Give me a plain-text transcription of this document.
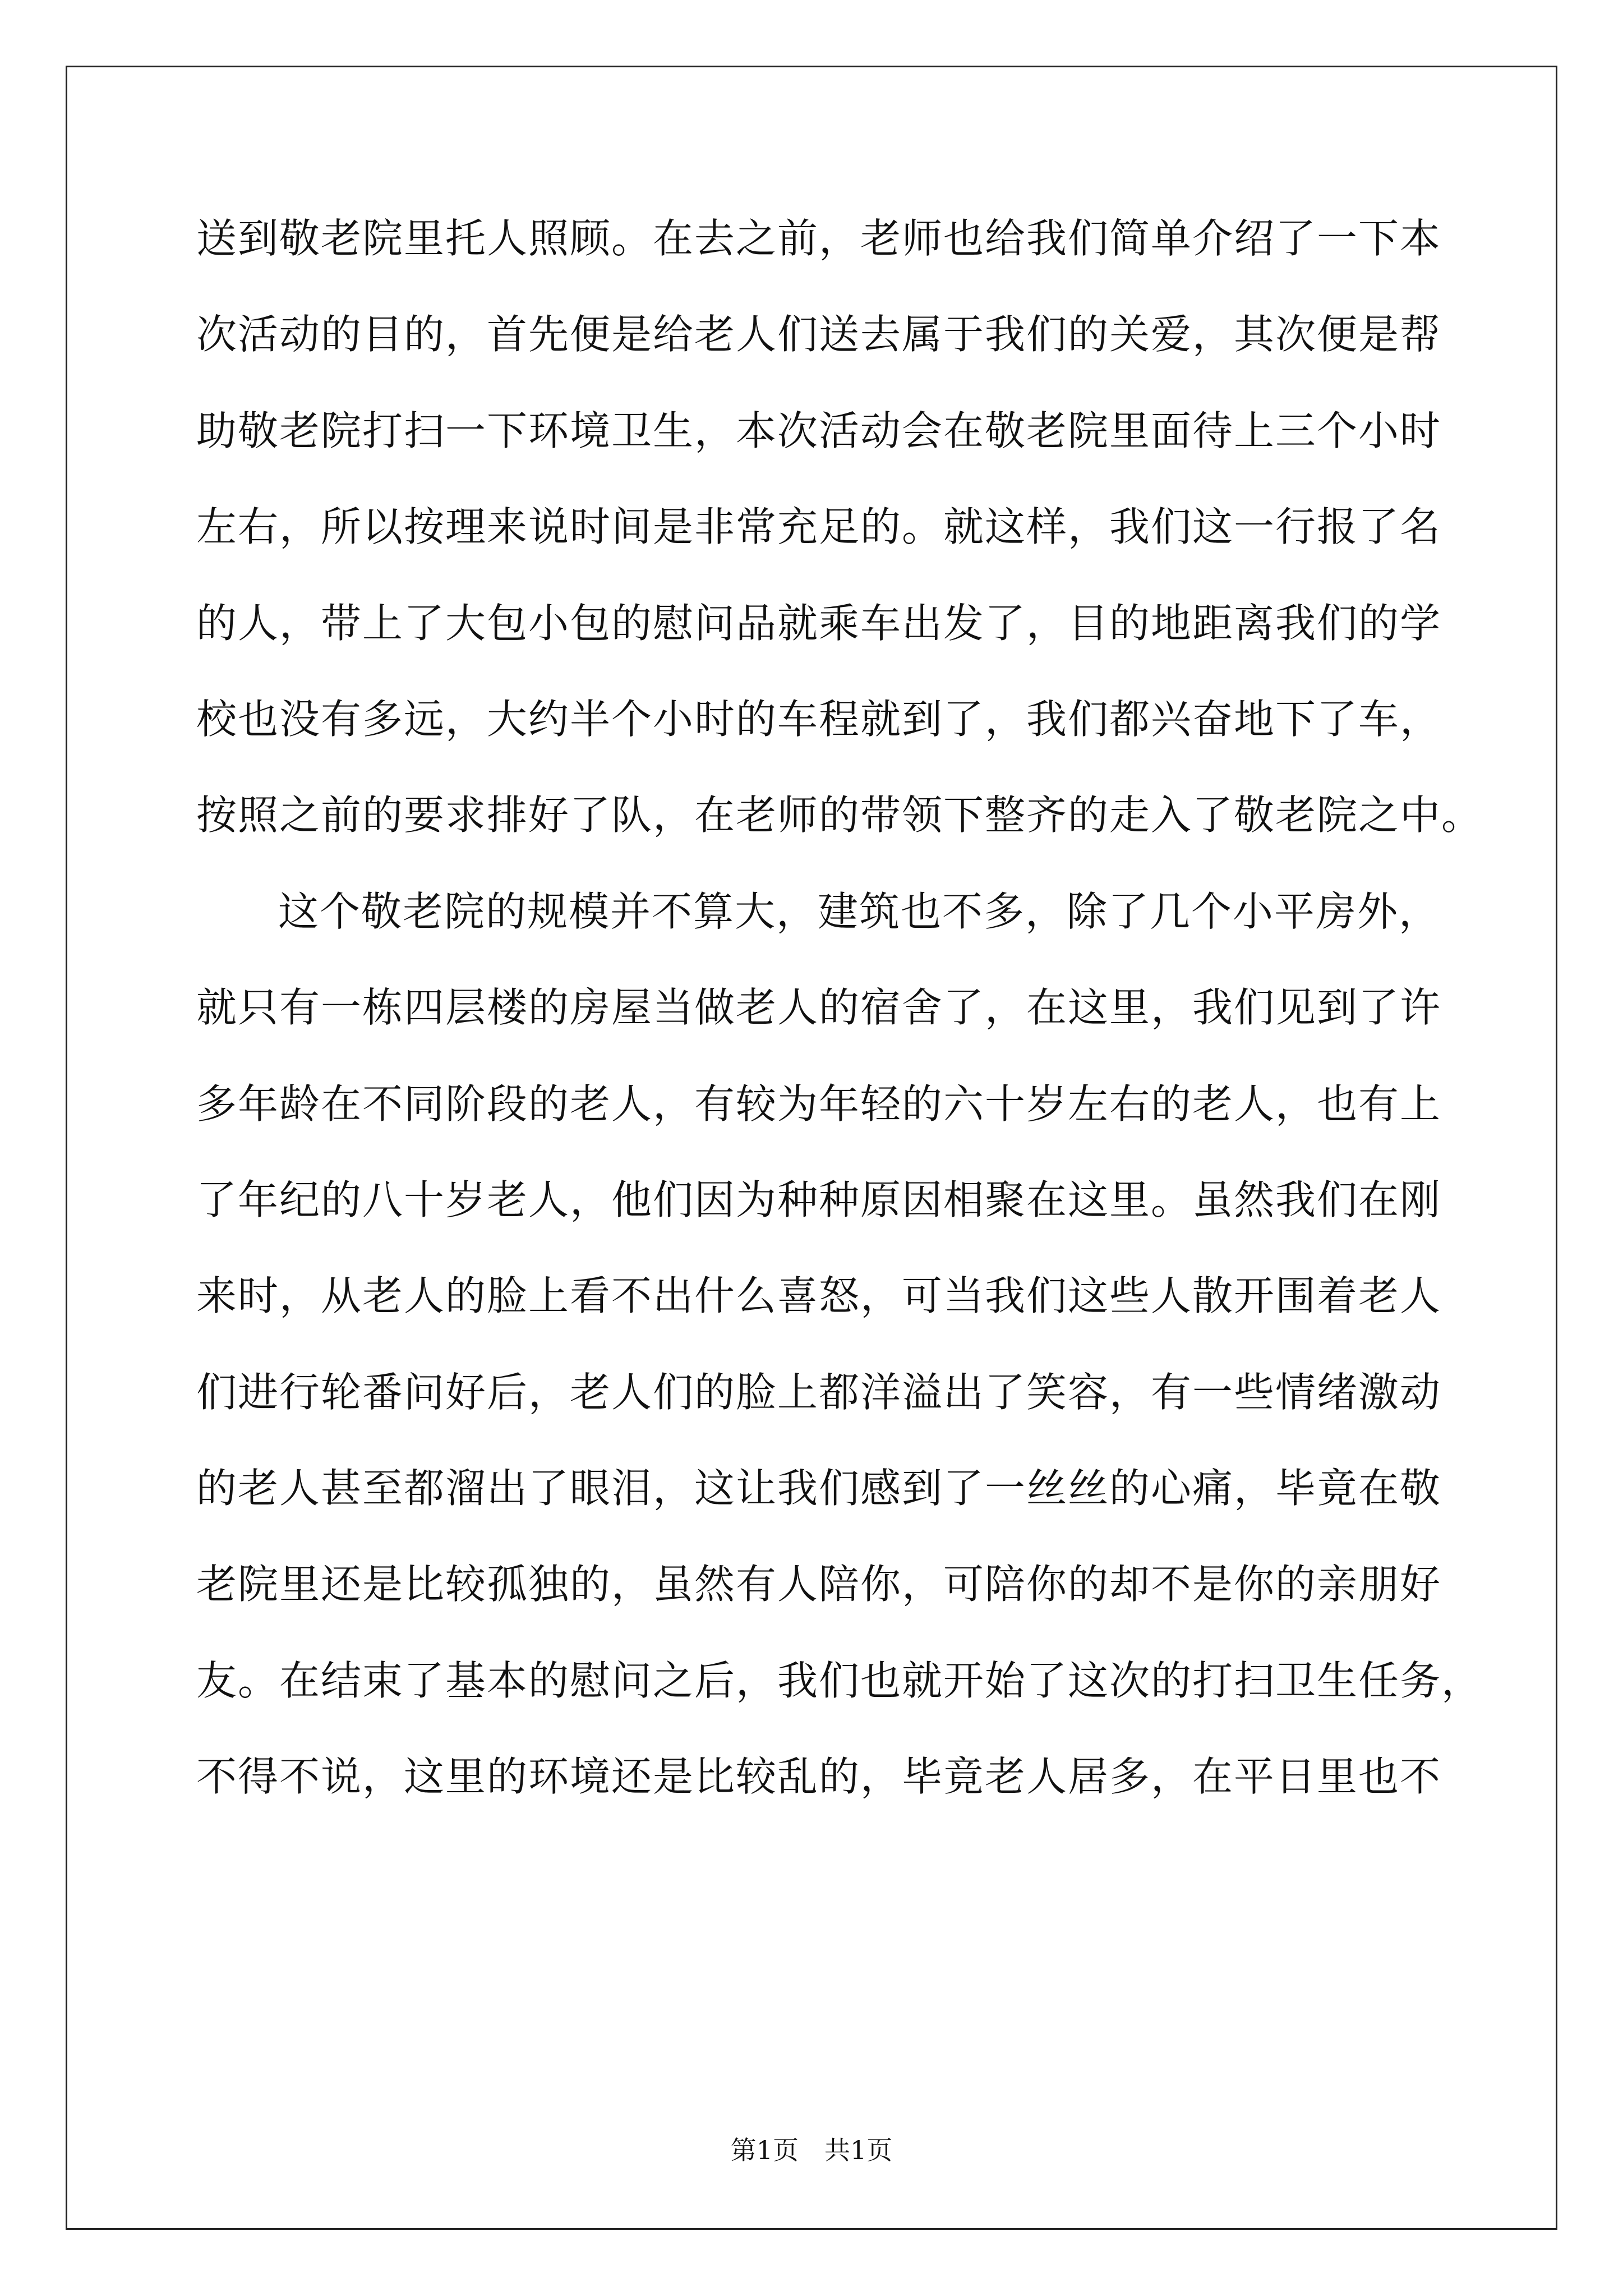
送到敬老院里托人照顾。在去之前，老师也给我们简单介绍了一下本
次活动的目的，首先便是给老人们送去属于我们的关爱，其次便是帮
助敬老院打扫一下环境卫生，本次活动会在敬老院里面待上三个小时
左右，所以按理来说时间是非常充足的。就这样，我们这一行报了名
的人，带上了大包小包的慰问品就乘车出发了，目的地距离我们的学
校也没有多远，大约半个小时的车程就到了，我们都兴奋地下了车，
按照之前的要求排好了队，在老师的带领下整齐的走入了敬老院之中。
这个敬老院的规模并不算大，建筑也不多，除了几个小平房外，
就只有一栋四层楼的房屋当做老人的宿舍了，在这里，我们见到了许
多年龄在不同阶段的老人，有较为年轻的六十岁左右的老人，也有上
了年纪的八十岁老人，他们因为种种原因相聚在这里。虽然我们在刚
来时，从老人的脸上看不出什么喜怒，可当我们这些人散开围着老人
们进行轮番问好后，老人们的脸上都洋溢出了笑容，有一些情绪激动
的老人甚至都溜出了眼泪，这让我们感到了一丝丝的心痛，毕竟在敬
老院里还是比较孤独的，虽然有人陪你，可陪你的却不是你的亲朋好
友。在结束了基本的慰问之后，我们也就开始了这次的打扫卫生任务，
不得不说，这里的环境还是比较乱的，毕竟老人居多，在平日里也不
第1页　共1页
